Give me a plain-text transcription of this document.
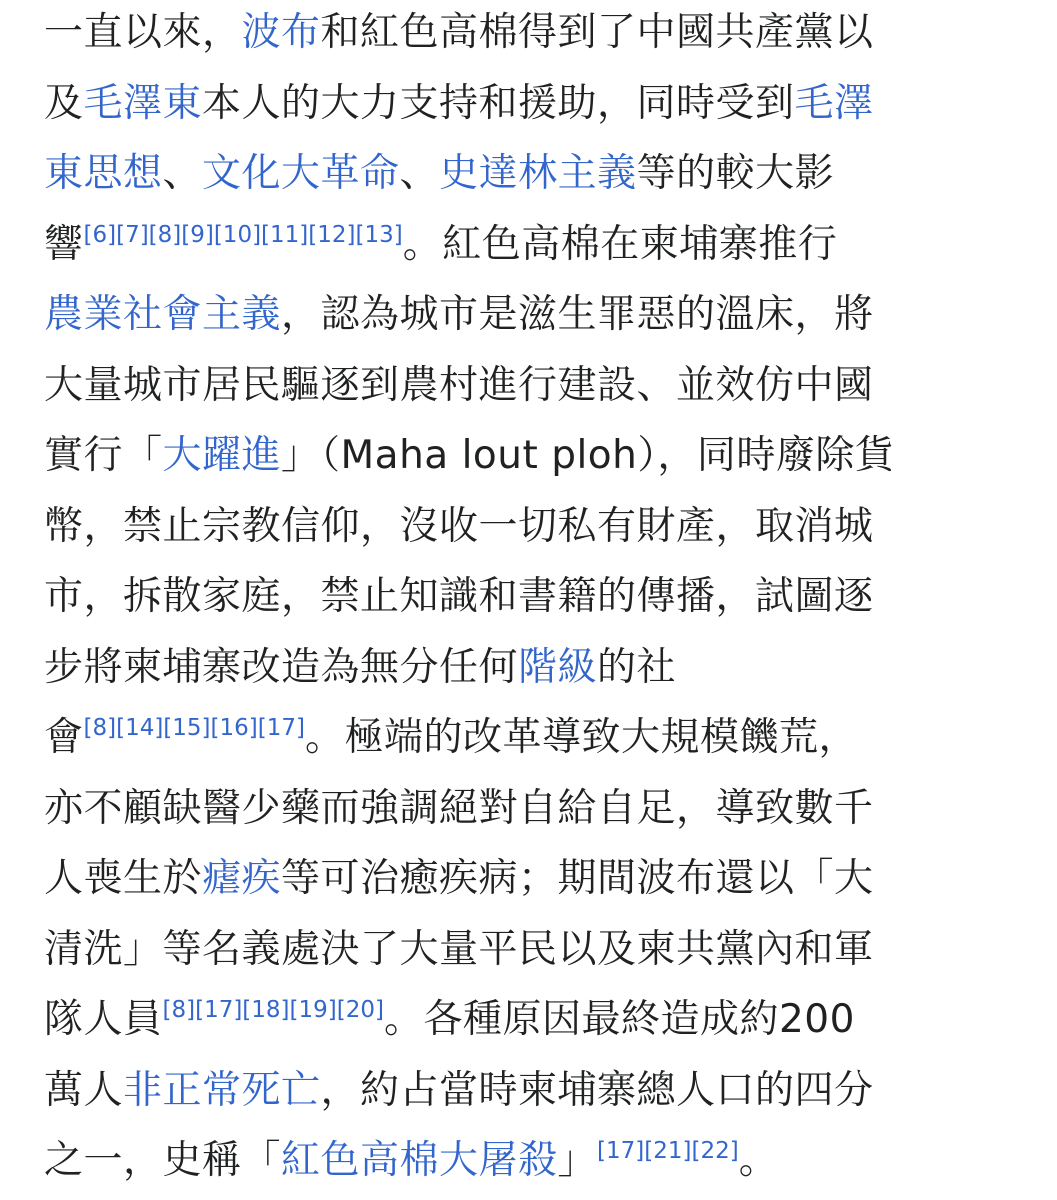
一直以來，波布和紅色高棉得到了中國共產黨以
及毛澤東本人的大力支持和援助，同時受到毛澤
東思想、文化大革命、史達林主義等的較大影
響[6][7][8][9][10][11][12][13]。紅色高棉在柬埔寨推行
農業社會主義，認為城市是滋生罪惡的溫床，將
大量城市居民驅逐到農村進行建設、並效仿中國
實行「大躍進」（Maha lout ploh），同時廢除貨
幣，禁止宗教信仰，沒收一切私有財產，取消城
市，拆散家庭，禁止知識和書籍的傳播，試圖逐
步將柬埔寨改造為無分任何階級的社
會[8][14][15][16][17]。極端的改革導致大規模饑荒，
亦不顧缺醫少藥而強調絕對自給自足，導致數千
人喪生於瘧疾等可治癒疾病；期間波布還以「大
清洗」等名義處決了大量平民以及柬共黨內和軍
隊人員[8][17][18][19][20]。各種原因最終造成約200
萬人非正常死亡，約占當時柬埔寨總人口的四分
之一，史稱「紅色高棉大屠殺」[17][21][22]。
